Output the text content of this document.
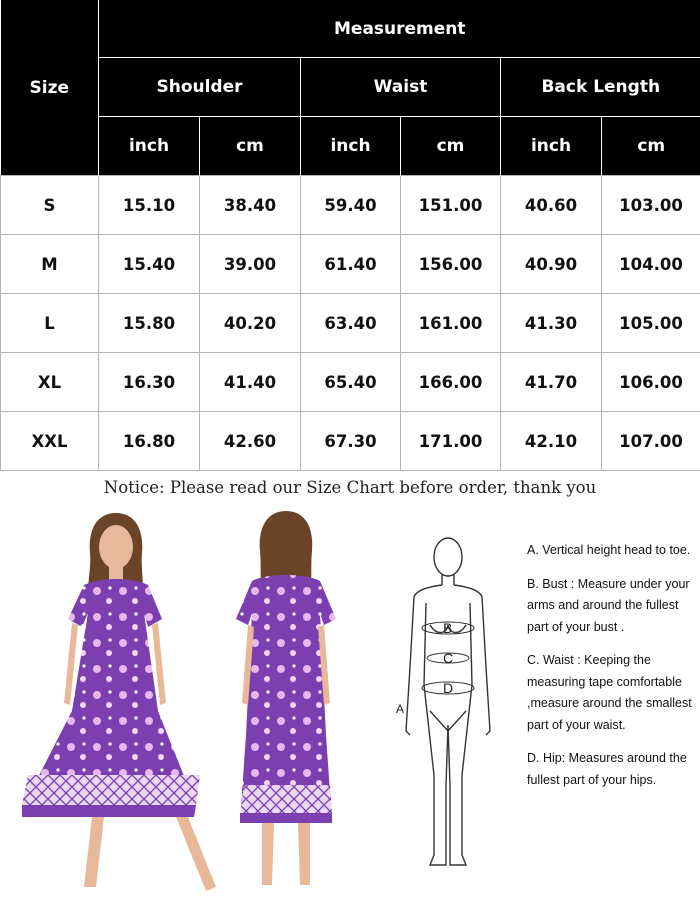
Size	Measurement					
	Shoulder		Waist		Back Length	
	inch	cm	inch	cm	inch	cm
S	15.10	38.40	59.40	151.00	40.60	103.00
M	15.40	39.00	61.40	156.00	40.90	104.00
L	15.80	40.20	63.40	161.00	41.30	105.00
XL	16.30	41.40	65.40	166.00	41.70	106.00
XXL	16.80	42.60	67.30	171.00	42.10	107.00
Notice: Please read our Size Chart before order, thank you
A
B
C
D

A. Vertical height head to toe.

B. Bust : Measure under your arms and around the fullest part of your bust .

C. Waist : Keeping the measuring tape comfortable ,measure around the smallest part of your waist.

D. Hip: Measures around the fullest part of your hips.
